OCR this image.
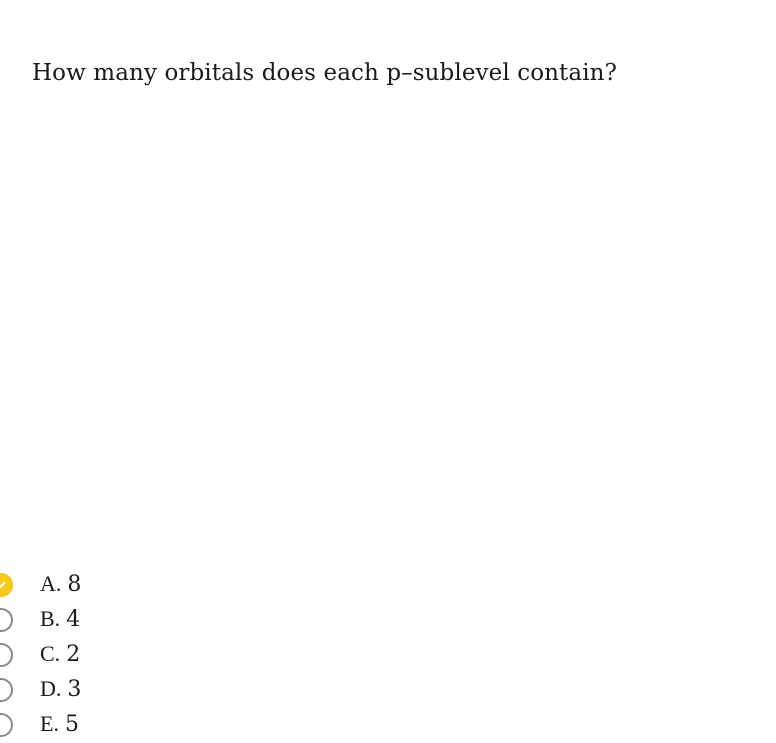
How many orbitals does each p–sublevel contain?
A. 8
B. 4
C. 2
D. 3
E. 5
